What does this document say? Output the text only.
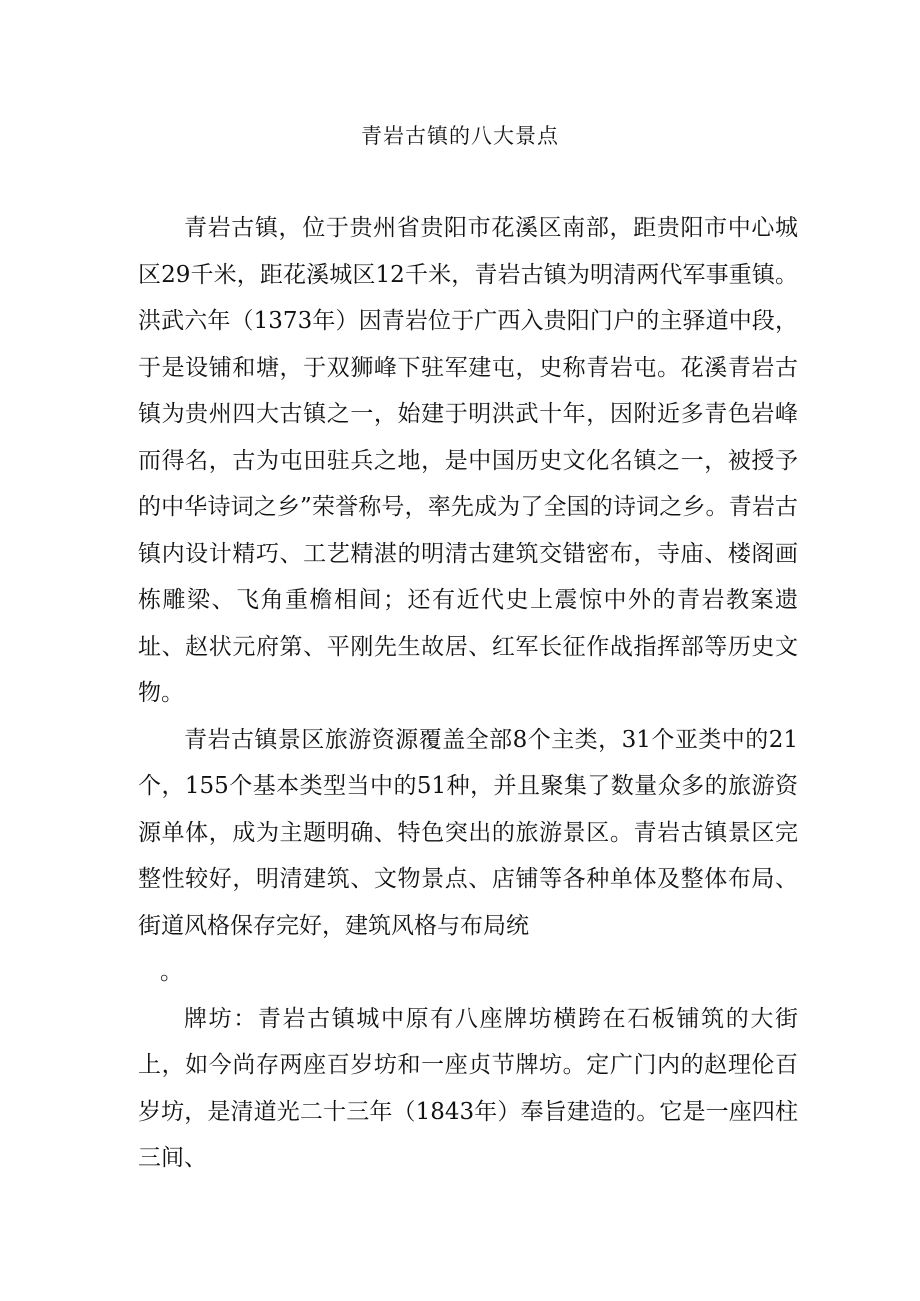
青岩古镇的八大景点

青岩古镇，位于贵州省贵阳市花溪区南部，距贵阳市中心城区29千米，距花溪城区12千米，青岩古镇为明清两代军事重镇。洪武六年（1373年）因青岩位于广西入贵阳门户的主驿道中段，于是设铺和塘，于双狮峰下驻军建屯，史称青岩屯。花溪青岩古镇为贵州四大古镇之一，始建于明洪武十年，因附近多青色岩峰而得名，古为屯田驻兵之地，是中国历史文化名镇之一，被授予的中华诗词之乡”荣誉称号，率先成为了全国的诗词之乡。青岩古镇内设计精巧、工艺精湛的明清古建筑交错密布，寺庙、楼阁画栋雕梁、飞角重檐相间；还有近代史上震惊中外的青岩教案遗址、赵状元府第、平刚先生故居、红军长征作战指挥部等历史文物。

青岩古镇景区旅游资源覆盖全部8个主类，31个亚类中的21个，155个基本类型当中的51种，并且聚集了数量众多的旅游资源单体，成为主题明确、特色突出的旅游景区。青岩古镇景区完整性较好，明清建筑、文物景点、店铺等各种单体及整体布局、街道风格保存完好，建筑风格与布局统

。

牌坊：青岩古镇城中原有八座牌坊横跨在石板铺筑的大街上，如今尚存两座百岁坊和一座贞节牌坊。定广门内的赵理伦百岁坊，是清道光二十三年（1843年）奉旨建造的。它是一座四柱三间、
